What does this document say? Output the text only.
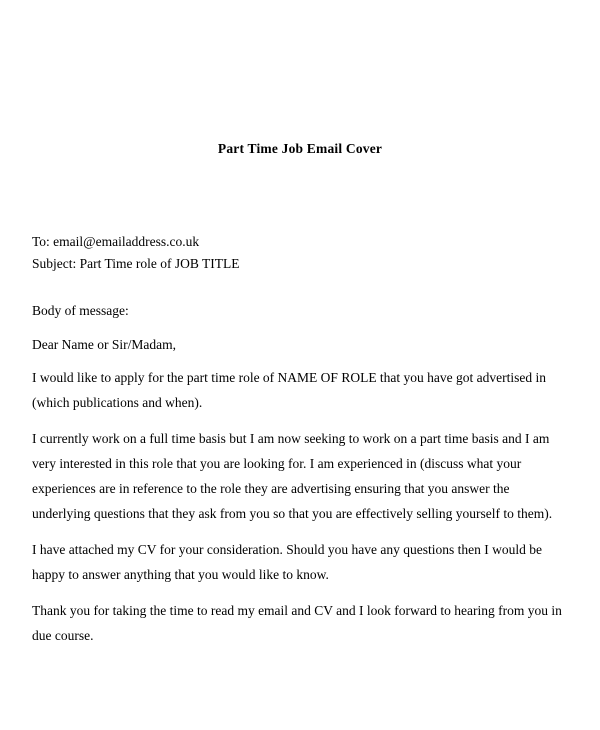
Part Time Job Email Cover

To: email@emailaddress.co.uk

Subject: Part Time role of JOB TITLE

Body of message:

Dear Name or Sir/Madam,

I would like to apply for the part time role of NAME OF ROLE that you have got advertised in (which publications and when).

I currently work on a full time basis but I am now seeking to work on a part time basis and I am very interested in this role that you are looking for. I am experienced in (discuss what your experiences are in reference to the role they are advertising ensuring that you answer the underlying questions that they ask from you so that you are effectively selling yourself to them).

I have attached my CV for your consideration. Should you have any questions then I would be happy to answer anything that you would like to know.

Thank you for taking the time to read my email and CV and I look forward to hearing from you in due course.
